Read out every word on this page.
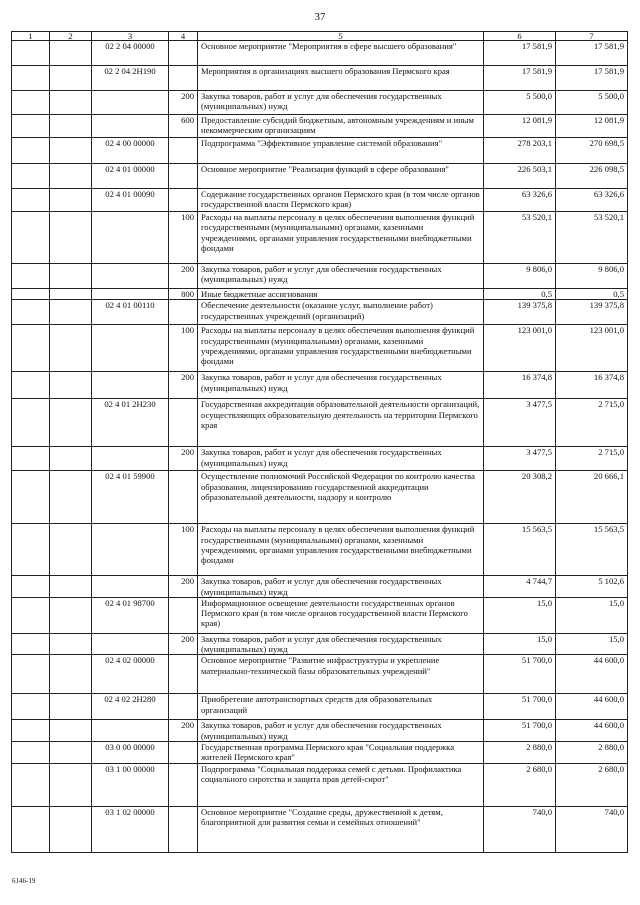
37
1	2	3	4	5	6	7
		02 2 04 00000		Основное мероприятие "Мероприятия в сфере высшего образования"	17 581,9	17 581,9
		02 2 04 2Н190		Мероприятия в организациях высшего образования Пермского края	17 581,9	17 581,9
			200	Закупка товаров, работ и услуг для обеспечения государственных (муниципальных) нужд	5 500,0	5 500,0
			600	Предоставление субсидий бюджетным, автономным учреждениям и иным некоммерческим организациям	12 081,9	12 081,9
		02 4 00 00000		Подпрограмма "Эффективное управление системой образования"	278 203,1	270 698,5
		02 4 01 00000		Основное мероприятие "Реализация функций в сфере образования"	226 503,1	226 098,5
		02 4 01 00090		Содержание государственных органов Пермского края (в том числе органов государственной власти Пермского края)	63 326,6	63 326,6
			100	Расходы на выплаты персоналу в целях обеспечения выполнения функций государственными (муниципальными) органами, казенными учреждениями, органами управления государственными внебюджетными фондами	53 520,1	53 520,1
			200	Закупка товаров, работ и услуг для обеспечения государственных (муниципальных) нужд	9 806,0	9 806,0
			800	Иные бюджетные ассигнования	0,5	0,5
		02 4 01 00110		Обеспечение деятельности (оказание услуг, выполнение работ) государственных учреждений (организаций)	139 375,8	139 375,8
			100	Расходы на выплаты персоналу в целях обеспечения выполнения функций государственными (муниципальными) органами, казенными учреждениями, органами управления государственными внебюджетными фондами	123 001,0	123 001,0
			200	Закупка товаров, работ и услуг для обеспечения государственных (муниципальных) нужд	16 374,8	16 374,8
		02 4 01 2Н230		Государственная аккредитация образовательной деятельности организаций, осуществляющих образовательную деятельность на территории Пермского края	3 477,5	2 715,0
			200	Закупка товаров, работ и услуг для обеспечения государственных (муниципальных) нужд	3 477,5	2 715,0
		02 4 01 59900		Осуществление полномочий Российской Федерации по контролю качества образования, лицензированию государственной аккредитации образовательной деятельности, надзору и контролю	20 308,2	20 666,1
			100	Расходы на выплаты персоналу в целях обеспечения выполнения функций государственными (муниципальными) органами, казенными учреждениями, органами управления государственными внебюджетными фондами	15 563,5	15 563,5
			200	Закупка товаров, работ и услуг для обеспечения государственных (муниципальных) нужд	4 744,7	5 102,6
		02 4 01 98700		Информационное освещение деятельности государственных органов Пермского края (в том числе органов государственной власти Пермского края)	15,0	15,0
			200	Закупка товаров, работ и услуг для обеспечения государственных (муниципальных) нужд	15,0	15,0
		02 4 02 00000		Основное мероприятие "Развитие инфраструктуры и укрепление материально-технической базы образовательных учреждений"	51 700,0	44 600,0
		02 4 02 2Н280		Приобретение автотранспортных средств для образовательных организаций	51 700,0	44 600,0
			200	Закупка товаров, работ и услуг для обеспечения государственных (муниципальных) нужд	51 700,0	44 600,0
		03 0 00 00000		Государственная программа Пермского края "Социальная поддержка жителей Пермского края"	2 880,0	2 880,0
		03 1 00 00000		Подпрограмма "Социальная поддержка семей с детьми. Профилактика социального сиротства и защита прав детей-сирот"	2 680,0	2 680,0
		03 1 02 00000		Основное мероприятие "Создание среды, дружественной к детям, благоприятной для развития семьи и семейных отношений"	740,0	740,0
6146-19
